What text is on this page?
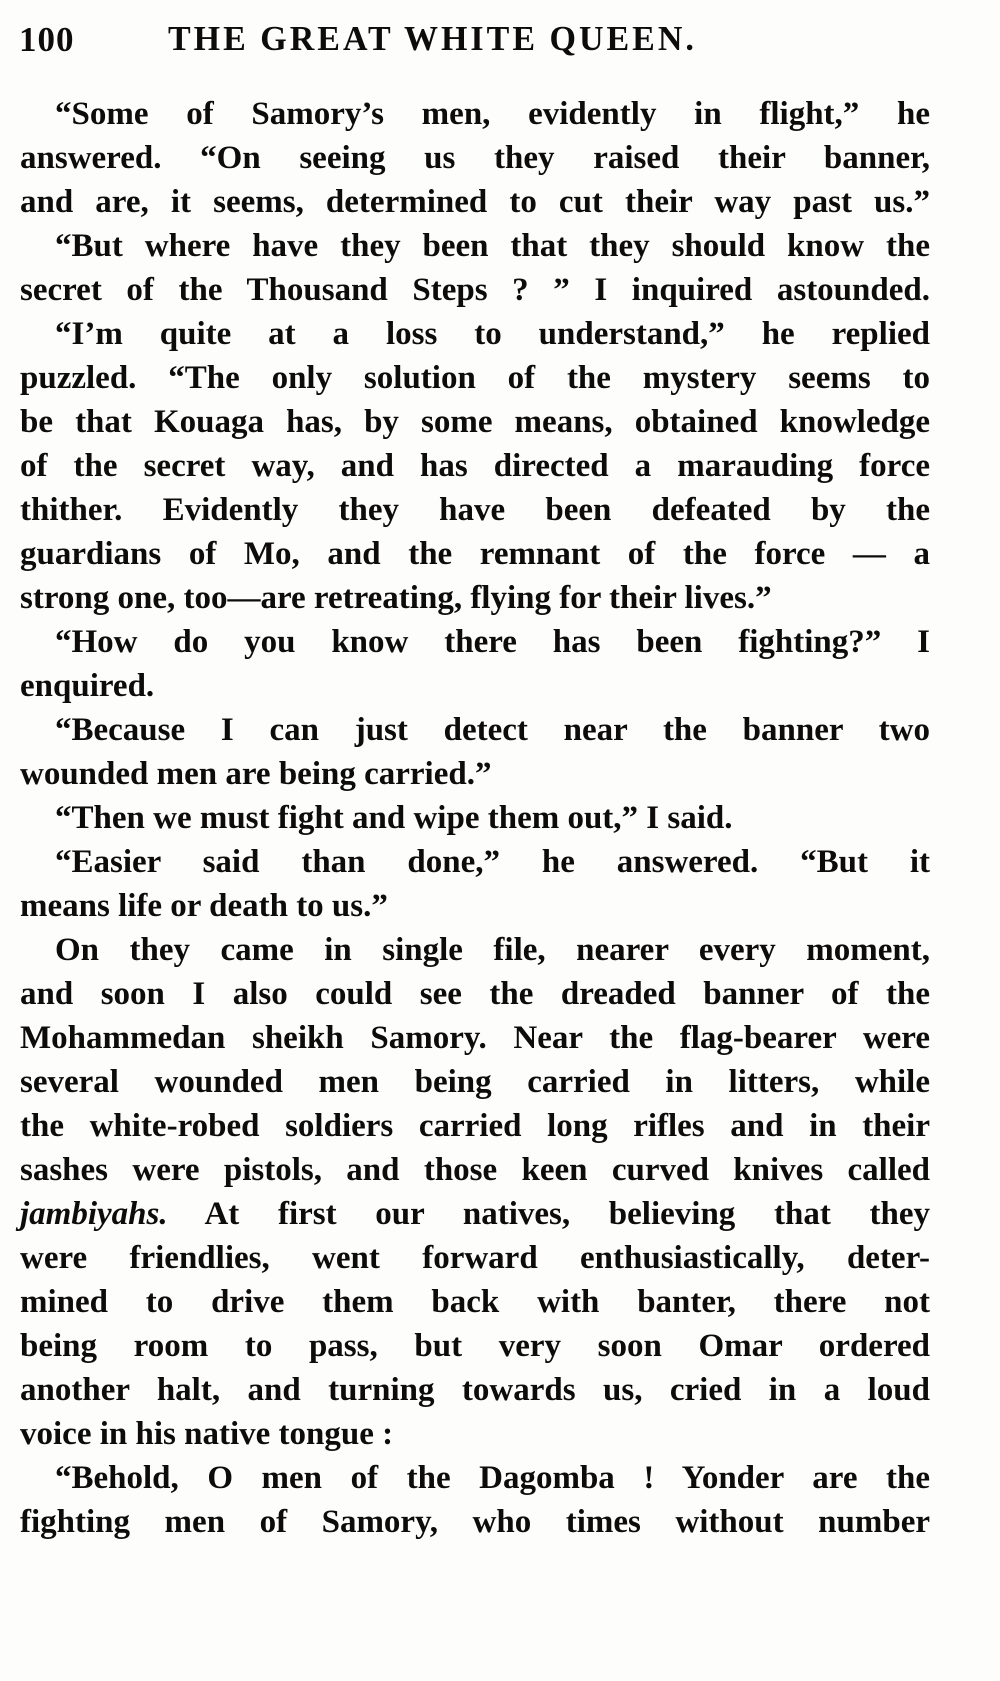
100	THE GREAT WHITE QUEEN.

“Some of Samory’s men, evidently in flight,” he
answered. “On seeing us they raised their banner,
and are, it seems, determined to cut their way past us.”

“But where have they been that they should know the
secret of the Thousand Steps ? ” I inquired astounded.

“I’m quite at a loss to understand,” he replied
puzzled. “The only solution of the mystery seems to
be that Kouaga has, by some means, obtained knowledge
of the secret way, and has directed a marauding force
thither. Evidently they have been defeated by the
guardians of Mo, and the remnant of the force — a
strong one, too—are retreating, flying for their lives.”

“How do you know there has been fighting?” I
enquired.

“Because I can just detect near the banner two
wounded men are being carried.”

“Then we must fight and wipe them out,” I said.

“Easier said than done,” he answered. “But it
means life or death to us.”

On they came in single file, nearer every moment,
and soon I also could see the dreaded banner of the
Mohammedan sheikh Samory. Near the flag-bearer were
several wounded men being carried in litters, while
the white-robed soldiers carried long rifles and in their
sashes were pistols, and those keen curved knives called
jambiyahs. At first our natives, believing that they
were friendlies, went forward enthusiastically, deter-
mined to drive them back with banter, there not
being room to pass, but very soon Omar ordered
another halt, and turning towards us, cried in a loud
voice in his native tongue :

“Behold, O men of the Dagomba ! Yonder are the
fighting men of Samory, who times without number
